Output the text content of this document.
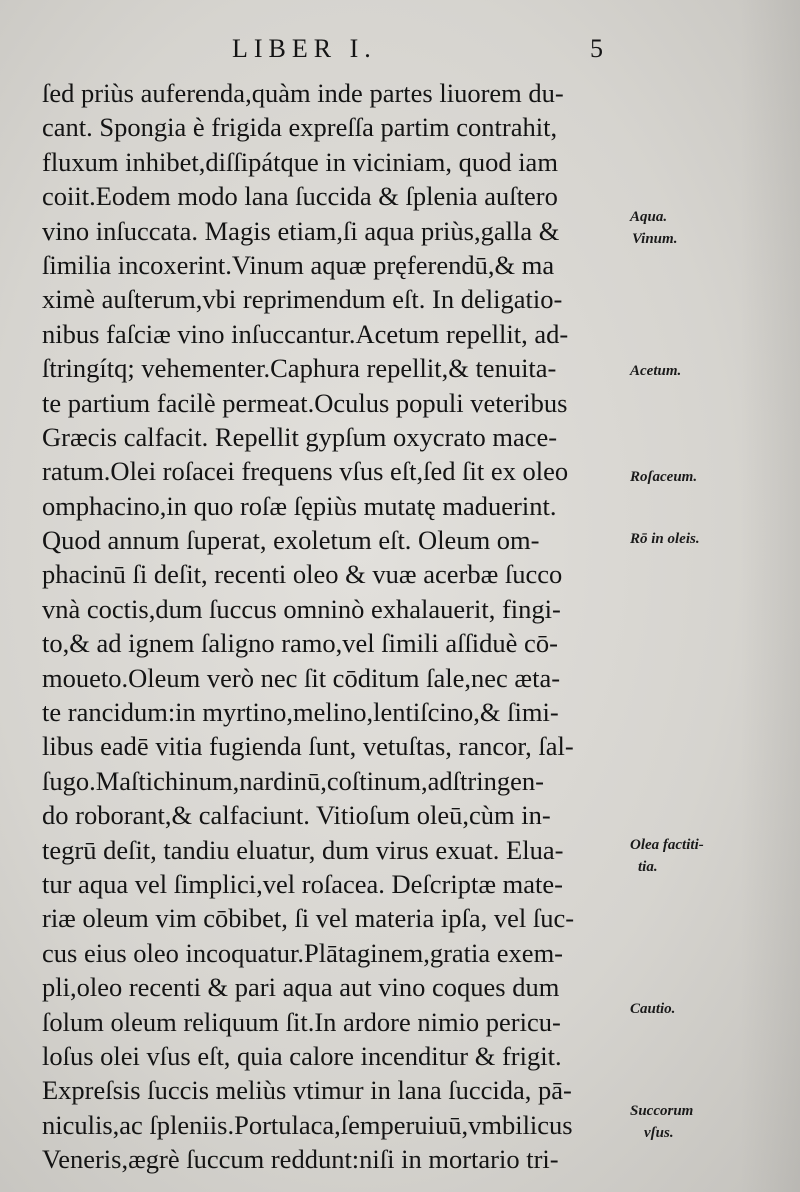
LIBER I.	5
ſed priùs auferenda,quàm inde partes liuorem du-
cant. Spongia è frigida expreſſa partim contrahit,
fluxum inhibet,diſſipátque in viciniam, quod iam
coiit.Eodem modo lana ſuccida & ſplenia auſtero
vino inſuccata. Magis etiam,ſi aqua priùs,galla &
ſimilia incoxerint.Vinum aquæ pręferendū,& ma
ximè auſterum,vbi reprimendum eſt. In deligatio-
nibus faſciæ vino inſuccantur.Acetum repellit, ad-
ſtringítq; vehementer.Caphura repellit,& tenuita-
te partium facilè permeat.Oculus populi veteribus
Græcis calfacit. Repellit gypſum oxycrato mace-
ratum.Olei roſacei frequens vſus eſt,ſed ſit ex oleo
omphacino,in quo roſæ ſępiùs mutatę maduerint.
Quod annum ſuperat, exoletum eſt. Oleum om-
phacinū ſi deſit, recenti oleo & vuæ acerbæ ſucco
vnà coctis,dum ſuccus omninò exhalauerit, fingi-
to,& ad ignem ſaligno ramo,vel ſimili aſſiduè cō-
moueto.Oleum verò nec ſit cōditum ſale,nec æta-
te rancidum:in myrtino,melino,lentiſcino,& ſimi-
libus eadē vitia fugienda ſunt, vetuſtas, rancor, ſal-
ſugo.Maſtichinum,nardinū,coſtinum,adſtringen-
do roborant,& calfaciunt. Vitioſum oleū,cùm in-
tegrū deſit, tandiu eluatur, dum virus exuat. Elua-
tur aqua vel ſimplici,vel roſacea. Deſcriptæ mate-
riæ oleum vim cōbibet, ſi vel materia ipſa, vel ſuc-
cus eius oleo incoquatur.Plātaginem,gratia exem-
pli,oleo recenti & pari aqua aut vino coques dum
ſolum oleum reliquum ſit.In ardore nimio pericu-
loſus olei vſus eſt, quia calore incenditur & frigit.
Expreſsis ſuccis meliùs vtimur in lana ſuccida, pā-
niculis,ac ſpleniis.Portulaca,ſemperuiuū,vmbilicus
Veneris,ægrè ſuccum reddunt:niſi in mortario tri-
Aqua.
Vinum.
Acetum.
Roſaceum.
Rō in oleis.
Olea factiti-
tia.
Cautio.
Succorum
vſus.
